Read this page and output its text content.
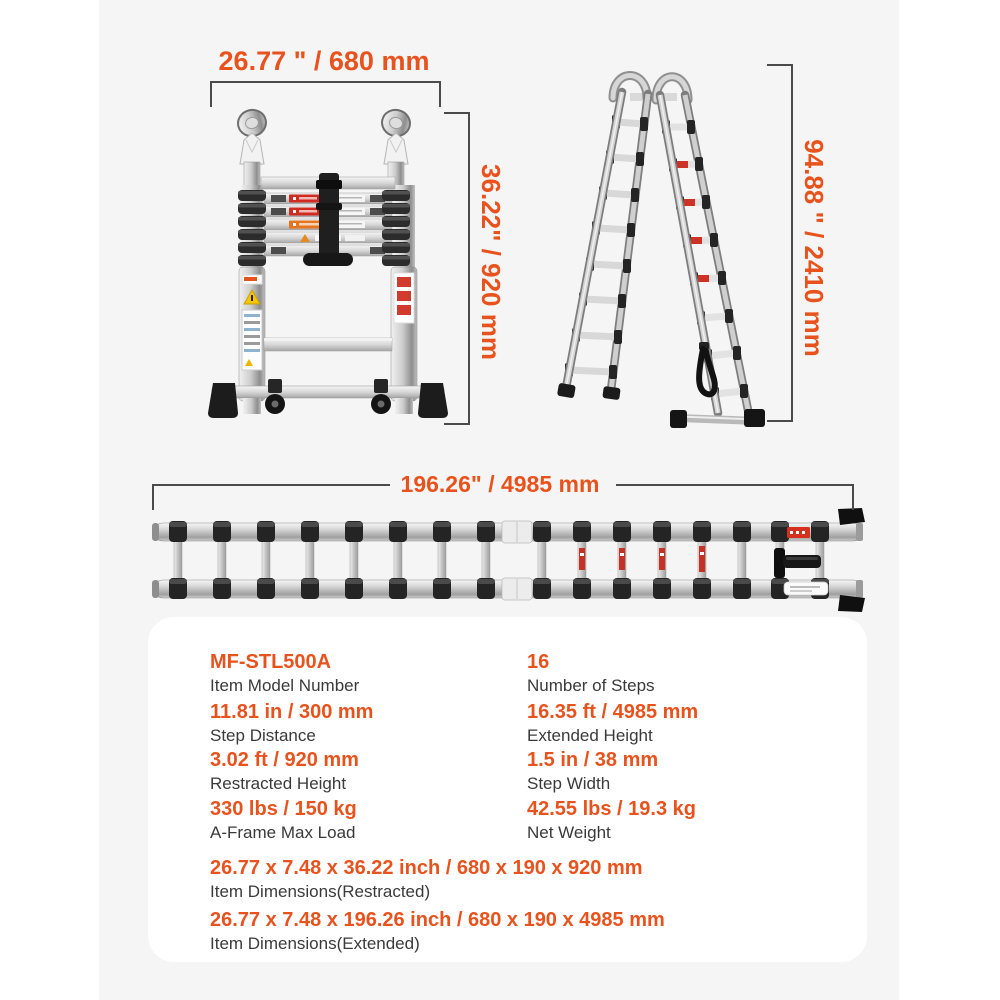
26.77 " / 680 mm
36.22" / 920 mm	94.88 " / 2410 mm
196.26" / 4985 mm
MF-STL500A
Item Model Number
16
Number of Steps
11.81 in / 300 mm
Step Distance
16.35 ft / 4985 mm
Extended Height
3.02 ft / 920 mm
Restracted Height
1.5 in / 38 mm
Step Width
330 lbs / 150 kg
A-Frame Max Load
42.55 lbs / 19.3 kg
Net Weight
26.77 x 7.48 x 36.22 inch / 680 x 190 x 920 mm
Item Dimensions(Restracted)
26.77 x 7.48 x 196.26 inch / 680 x 190 x 4985 mm
Item Dimensions(Extended)
